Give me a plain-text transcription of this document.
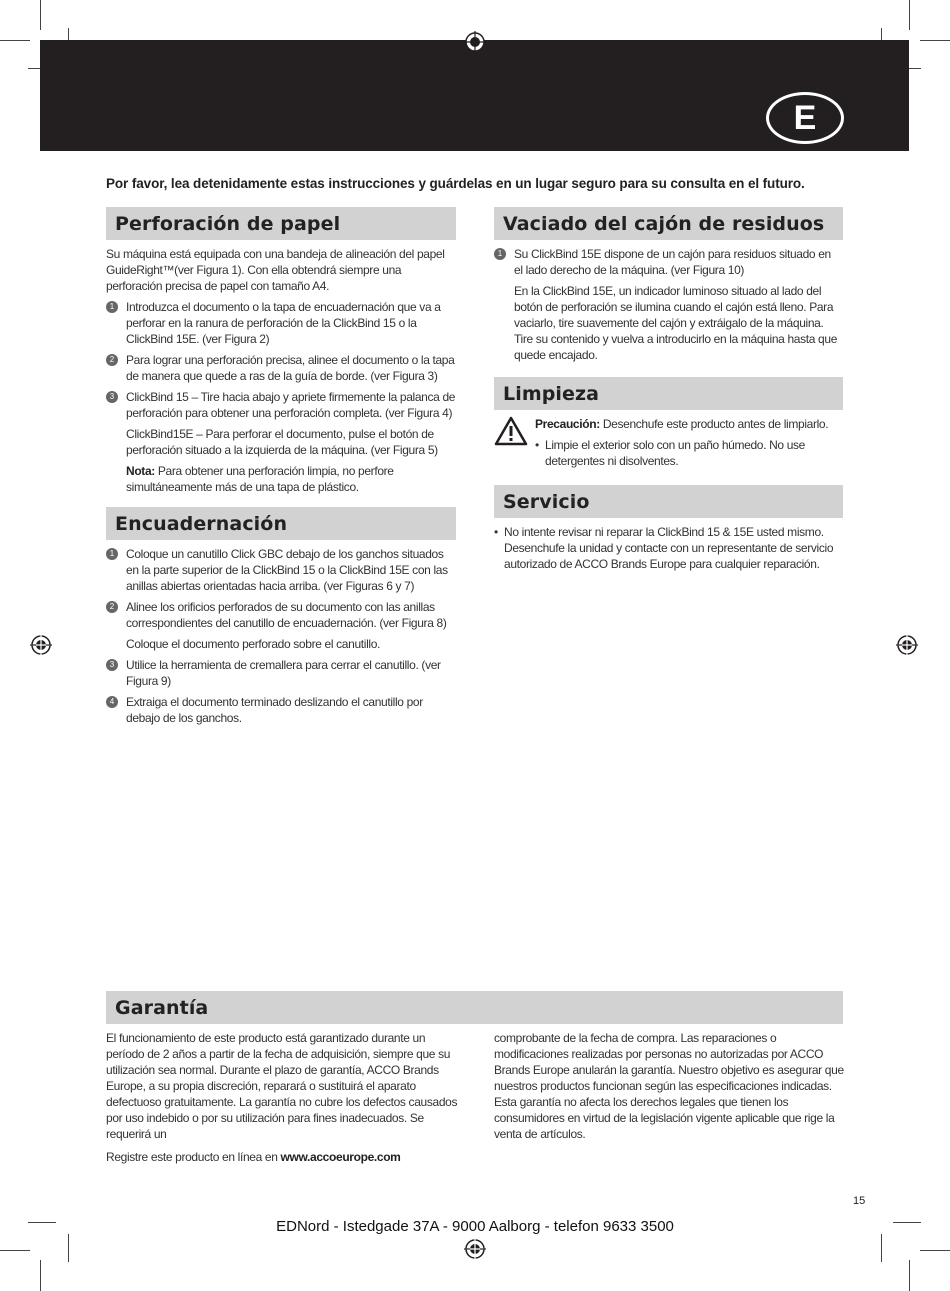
E
Por favor, lea detenidamente estas instrucciones y guárdelas en un lugar seguro para su consulta en el futuro.
Perforación de papel

Su máquina está equipada con una bandeja de alineación del papel GuideRight™(ver Figura 1). Con ella obtendrá siempre una perforación precisa de papel con tamaño A4.

1 Introduzca el documento o la tapa de encuadernación que va a perforar en la ranura de perforación de la ClickBind 15 o la ClickBind 15E. (ver Figura 2)
2 Para lograr una perforación precisa, alinee el documento o la tapa de manera que quede a ras de la guía de borde. (ver Figura 3)
3 ClickBind 15 – Tire hacia abajo y apriete firmemente la palanca de perforación para obtener una perforación completa. (ver Figura 4)

ClickBind15E – Para perforar el documento, pulse el botón de perforación situado a la izquierda de la máquina. (ver Figura 5)

Nota: Para obtener una perforación limpia, no perfore simultáneamente más de una tapa de plástico.

Encuadernación
1 Coloque un canutillo Click GBC debajo de los ganchos situados en la parte superior de la ClickBind 15 o la ClickBind 15E con las anillas abiertas orientadas hacia arriba. (ver Figuras 6 y 7)
2 Alinee los orificios perforados de su documento con las anillas correspondientes del canutillo de encuadernación. (ver Figura 8)

Coloque el documento perforado sobre el canutillo.

3 Utilice la herramienta de cremallera para cerrar el canutillo. (ver Figura 9)
4 Extraiga el documento terminado deslizando el canutillo por debajo de los ganchos.
Vaciado del cajón de residuos
1 Su ClickBind 15E dispone de un cajón para residuos situado en el lado derecho de la máquina. (ver Figura 10)

En la ClickBind 15E, un indicador luminoso situado al lado del botón de perforación se ilumina cuando el cajón está lleno. Para vaciarlo, tire suavemente del cajón y extráigalo de la máquina. Tire su contenido y vuelva a introducirlo en la máquina hasta que quede encajado.

Limpieza

Precaución: Desenchufe este producto antes de limpiarlo.

• Limpie el exterior solo con un paño húmedo. No use detergentes ni disolventes.

Servicio

• No intente revisar ni reparar la ClickBind 15 & 15E usted mismo. Desenchufe la unidad y contacte con un representante de servicio autorizado de ACCO Brands Europe para cualquier reparación.

Garantía

El funcionamiento de este producto está garantizado durante un período de 2 años a partir de la fecha de adquisición, siempre que su utilización sea normal. Durante el plazo de garantía, ACCO Brands Europe, a su propia discreción, reparará o sustituirá el aparato defectuoso gratuitamente. La garantía no cubre los defectos causados por uso indebido o por su utilización para fines inadecuados. Se requerirá un

Registre este producto en línea en www.accoeurope.com

comprobante de la fecha de compra. Las reparaciones o modificaciones realizadas por personas no autorizadas por ACCO Brands Europe anularán la garantía. Nuestro objetivo es asegurar que nuestros productos funcionan según las especificaciones indicadas. Esta garantía no afecta los derechos legales que tienen los consumidores en virtud de la legislación vigente aplicable que rige la venta de artículos.

15
EDNord - Istedgade 37A - 9000 Aalborg - telefon 9633 3500
